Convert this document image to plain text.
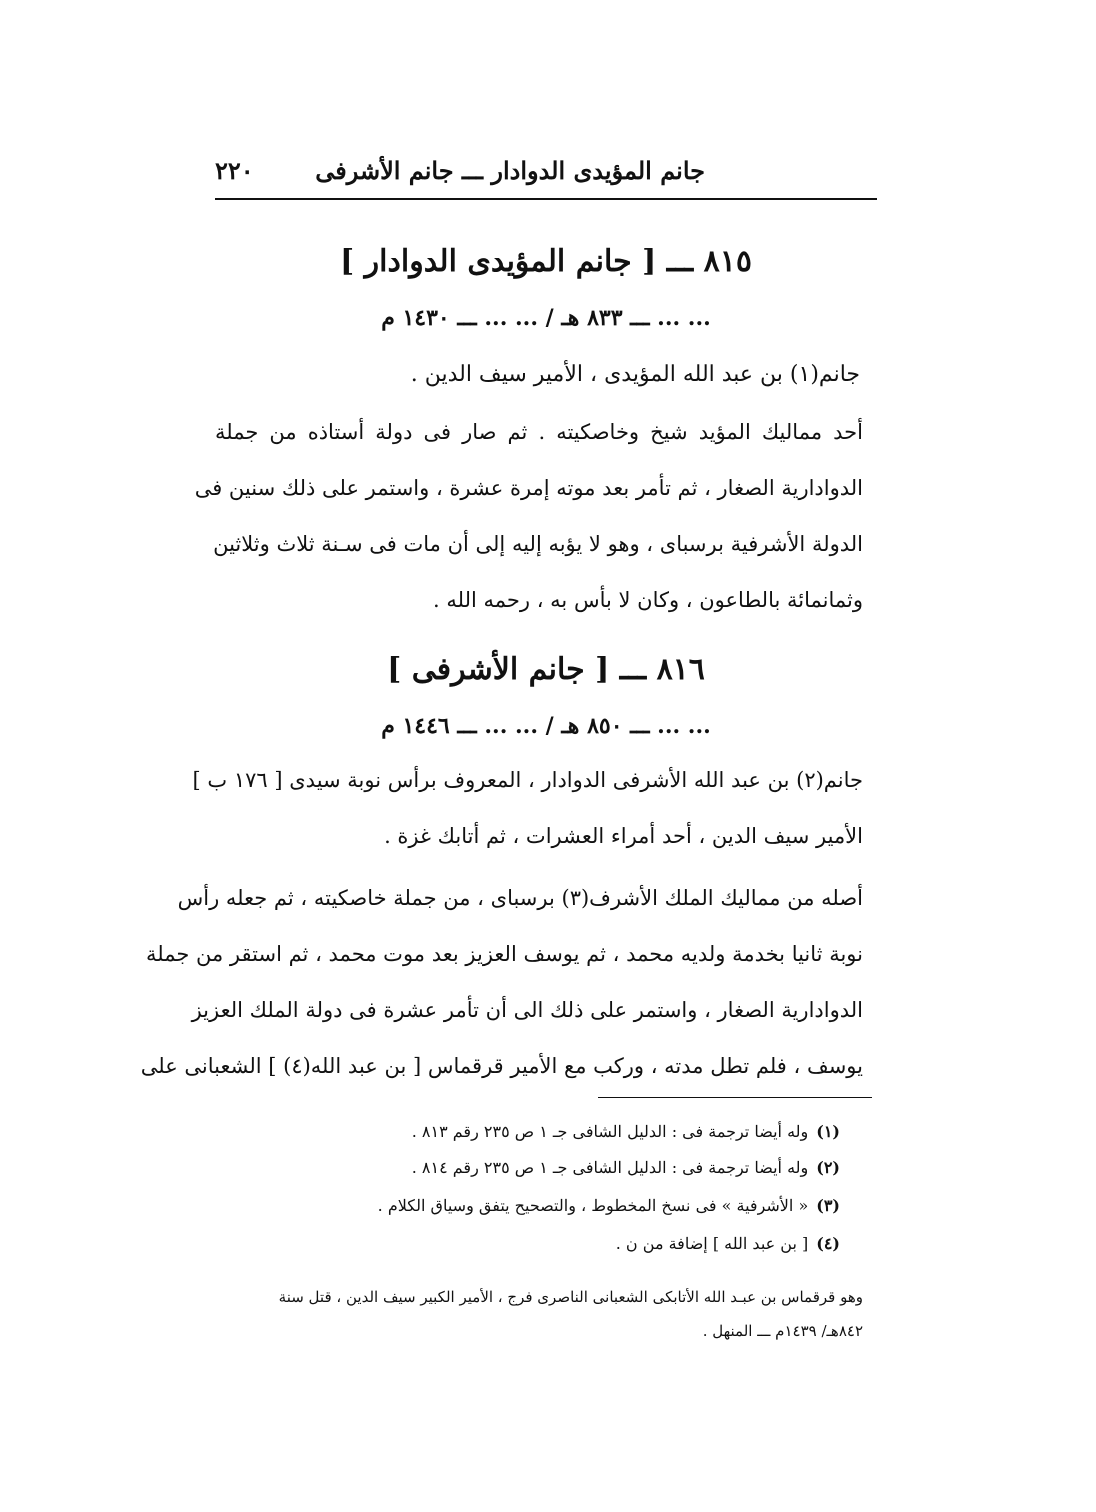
جانم المؤيدى الدوادار ـــ جانم الأشرفى
٢٢٠
٨١٥ ـــ [ جانم المؤيدى الدوادار ]
... ... ـــ ٨٣٣ هـ / ... ... ـــ ١٤٣٠ م
جانم(١) بن عبد الله المؤيدى ، الأمير سيف الدين .
أحد مماليك المؤيد شيخ وخاصكيته . ثم صار فى دولة أستاذه من جملة
الدوادارية الصغار ، ثم تأمر بعد موته إمرة عشرة ، واستمر على ذلك سنين فى
الدولة الأشرفية برسباى ، وهو لا يؤبه إليه إلى أن مات فى سـنة ثلاث وثلاثين
وثمانمائة بالطاعون ، وكان لا بأس به ، رحمه الله .
٨١٦ ـــ [ جانم الأشرفى ]
... ... ـــ ٨٥٠ هـ / ... ... ـــ ١٤٤٦ م
جانم(٢) بن عبد الله الأشرفى الدوادار ، المعروف برأس نوبة سيدى [ ١٧٦ ب ]
الأمير سيف الدين ، أحد أمراء العشرات ، ثم أتابك غزة .
أصله من مماليك الملك الأشرف(٣) برسباى ، من جملة خاصكيته ، ثم جعله رأس
نوبة ثانيا بخدمة ولديه محمد ، ثم يوسف العزيز بعد موت محمد ، ثم استقر من جملة
الدوادارية الصغار ، واستمر على ذلك الى أن تأمر عشرة فى دولة الملك العزيز
يوسف ، فلم تطل مدته ، وركب مع الأمير قرقماس [ بن عبد الله(٤) ] الشعبانى على
(١)وله أيضا ترجمة فى : الدليل الشافى جـ ١ ص ٢٣٥ رقم ٨١٣ .
(٢)وله أيضا ترجمة فى : الدليل الشافى جـ ١ ص ٢٣٥ رقم ٨١٤ .
(٣)« الأشرفية » فى نسخ المخطوط ، والتصحيح يتفق وسياق الكلام .
(٤)[ بن عبد الله ] إضافة من ن .
وهو قرقماس بن عبـد الله الأتابكى الشعبانى الناصرى فرج ، الأمير الكبير سيف الدين ، قتل سنة
٨٤٢هـ/ ١٤٣٩م ـــ المنهل .
